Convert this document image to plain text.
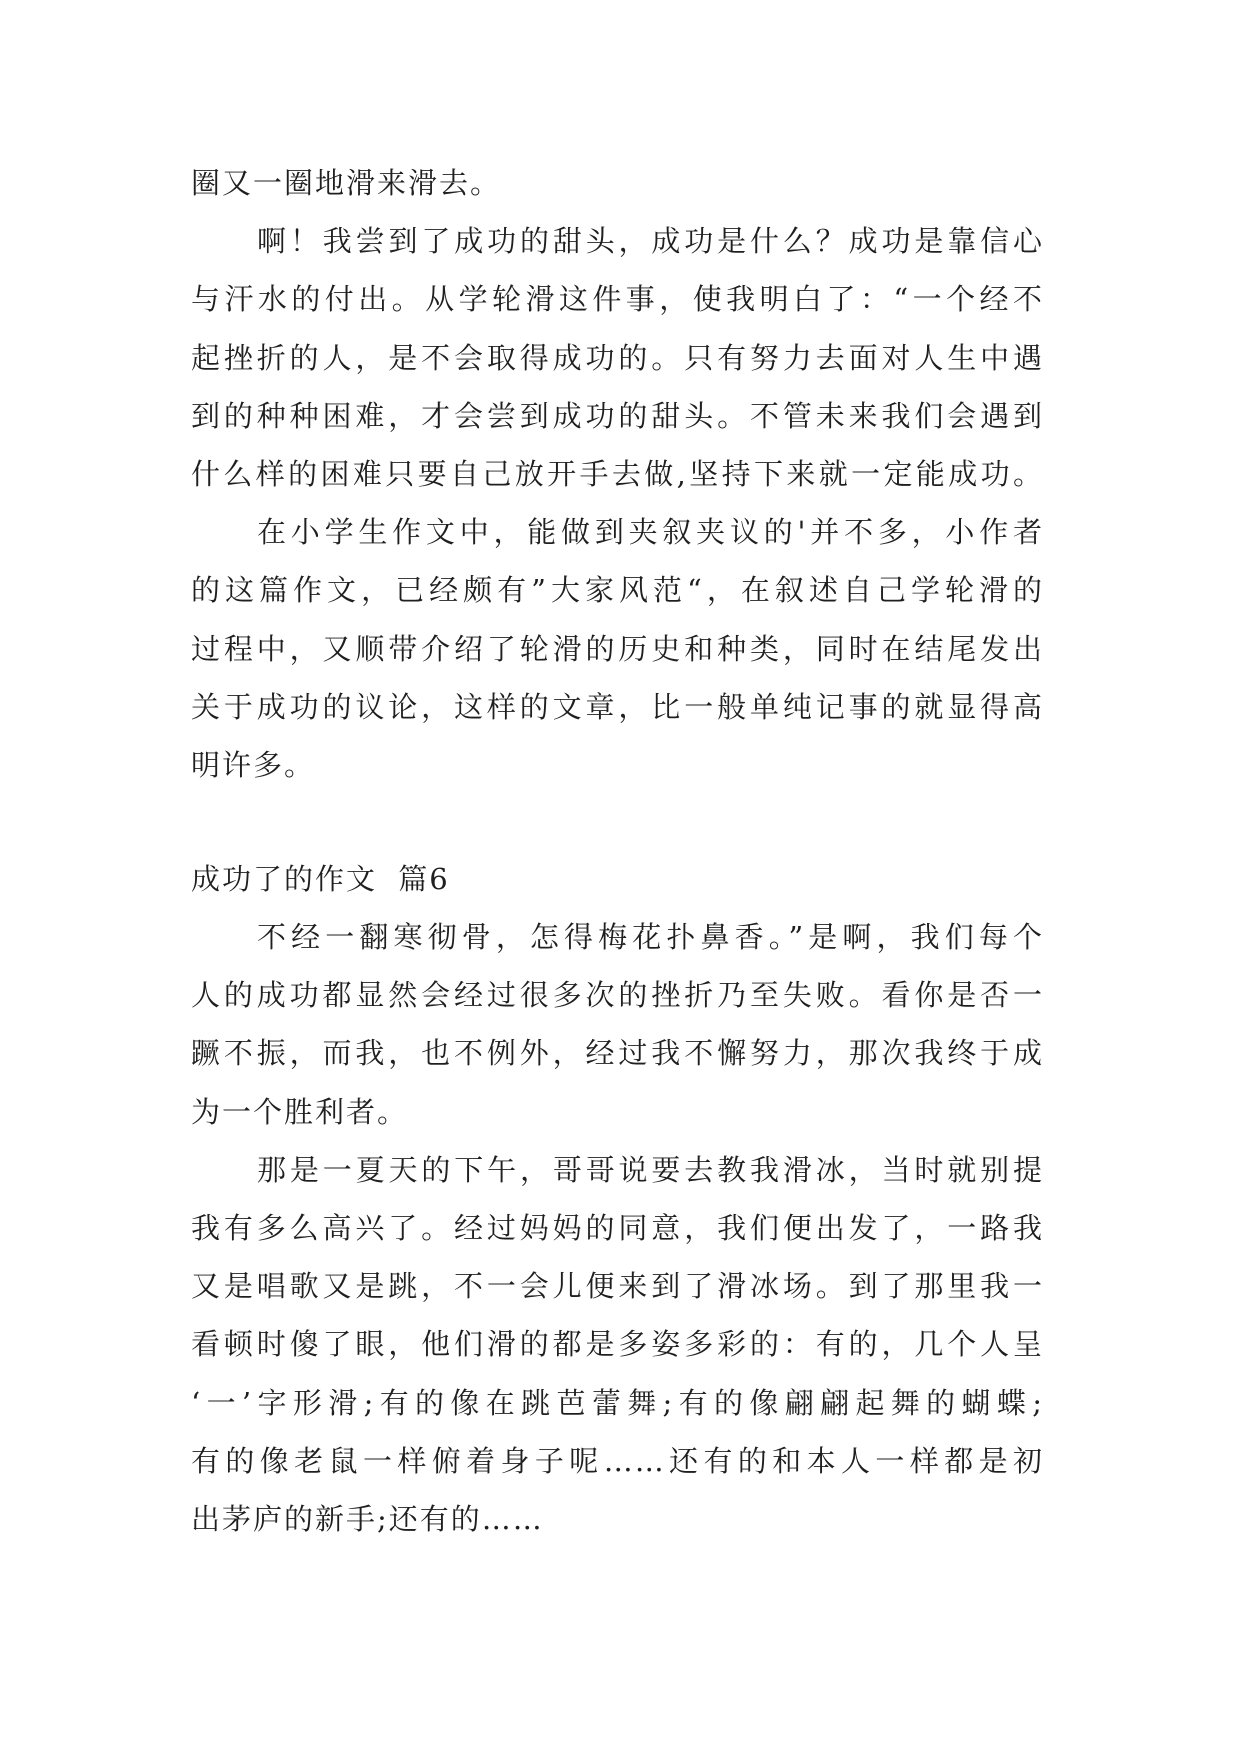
圈又一圈地滑来滑去。
啊！我尝到了成功的甜头，成功是什么？成功是靠信心
与汗水的付出。从学轮滑这件事，使我明白了：“一个经不
起挫折的人，是不会取得成功的。只有努力去面对人生中遇
到的种种困难，才会尝到成功的甜头。不管未来我们会遇到
什么样的困难只要自己放开手去做,坚持下来就一定能成功。
在小学生作文中，能做到夹叙夹议的'并不多，小作者
的这篇作文，已经颇有”大家风范“，在叙述自己学轮滑的
过程中，又顺带介绍了轮滑的历史和种类，同时在结尾发出
关于成功的议论，这样的文章，比一般单纯记事的就显得高
明许多。
成功了的作文 篇6
不经一翻寒彻骨，怎得梅花扑鼻香。”是啊，我们每个
人的成功都显然会经过很多次的挫折乃至失败。看你是否一
蹶不振，而我，也不例外，经过我不懈努力，那次我终于成
为一个胜利者。
那是一夏天的下午，哥哥说要去教我滑冰，当时就别提
我有多么高兴了。经过妈妈的同意，我们便出发了，一路我
又是唱歌又是跳，不一会儿便来到了滑冰场。到了那里我一
看顿时傻了眼，他们滑的都是多姿多彩的：有的，几个人呈
‘一’字形滑;有的像在跳芭蕾舞;有的像翩翩起舞的蝴蝶;
有的像老鼠一样俯着身子呢……还有的和本人一样都是初
出茅庐的新手;还有的……
